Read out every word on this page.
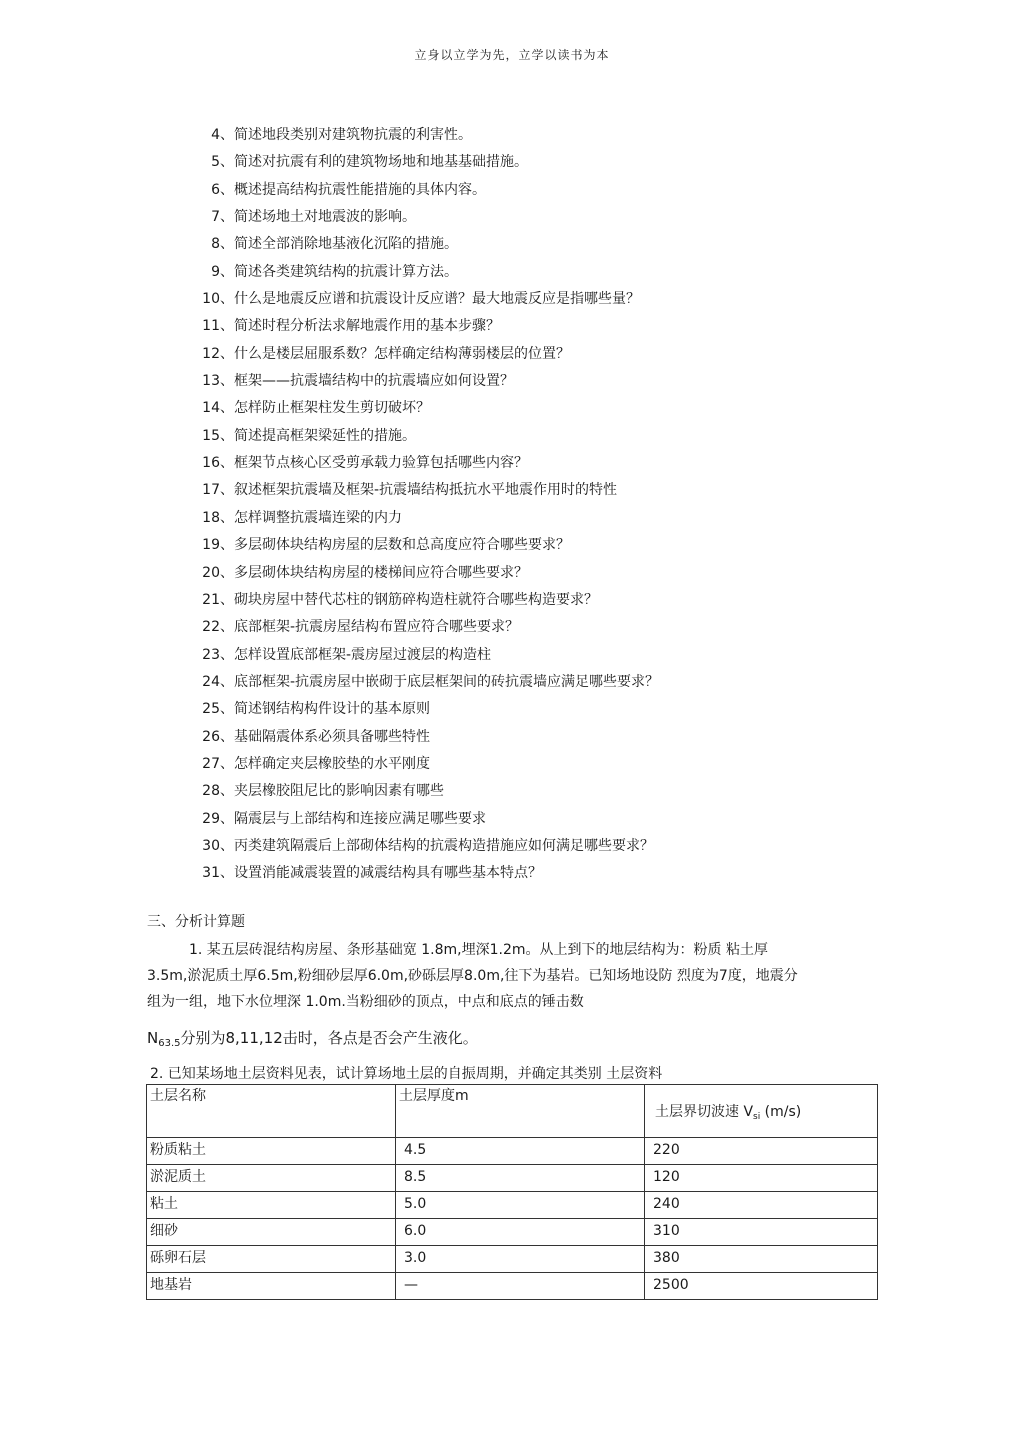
立身以立学为先，立学以读书为本
4、简述地段类别对建筑物抗震的利害性。
5、简述对抗震有利的建筑物场地和地基基础措施。
6、概述提高结构抗震性能措施的具体内容。
7、简述场地土对地震波的影响。
8、简述全部消除地基液化沉陷的措施。
9、简述各类建筑结构的抗震计算方法。
10、什么是地震反应谱和抗震设计反应谱？最大地震反应是指哪些量？
11、简述时程分析法求解地震作用的基本步骤？
12、什么是楼层屈服系数？怎样确定结构薄弱楼层的位置？
13、框架——抗震墙结构中的抗震墙应如何设置？
14、怎样防止框架柱发生剪切破坏？
15、简述提高框架梁延性的措施。
16、框架节点核心区受剪承载力验算包括哪些内容？
17、叙述框架抗震墙及框架-抗震墙结构抵抗水平地震作用时的特性
18、怎样调整抗震墙连梁的内力
19、多层砌体块结构房屋的层数和总高度应符合哪些要求？
20、多层砌体块结构房屋的楼梯间应符合哪些要求？
21、砌块房屋中替代芯柱的钢筋碎构造柱就符合哪些构造要求？
22、底部框架-抗震房屋结构布置应符合哪些要求？
23、怎样设置底部框架-震房屋过渡层的构造柱
24、底部框架-抗震房屋中嵌砌于底层框架间的砖抗震墙应满足哪些要求？
25、简述钢结构构件设计的基本原则
26、基础隔震体系必须具备哪些特性
27、怎样确定夹层橡胶垫的水平刚度
28、夹层橡胶阻尼比的影响因素有哪些
29、隔震层与上部结构和连接应满足哪些要求
30、丙类建筑隔震后上部砌体结构的抗震构造措施应如何满足哪些要求？
31、设置消能减震装置的减震结构具有哪些基本特点？
三、分析计算题
1. 某五层砖混结构房屋、条形基础宽 1.8m,埋深1.2m。从上到下的地层结构为：粉质 粘土厚
3.5m,淤泥质土厚6.5m,粉细砂层厚6.0m,砂砾层厚8.0m,往下为基岩。已知场地设防 烈度为7度，地震分
组为一组，地下水位埋深 1.0m.当粉细砂的顶点，中点和底点的锤击数
$N_{63.5}$分别为8,11,12击时，各点是否会产生液化。
2. 已知某场地土层资料见表，试计算场地土层的自振周期，并确定其类别 土层资料
土层名称	土层厚度m	土层界切波速 $V_{si}$ (m/s)
粉质粘土	4.5	220
淤泥质土	8.5	120
粘土	5.0	240
细砂	6.0	310
砾卵石层	3.0	380
地基岩	—	2500
